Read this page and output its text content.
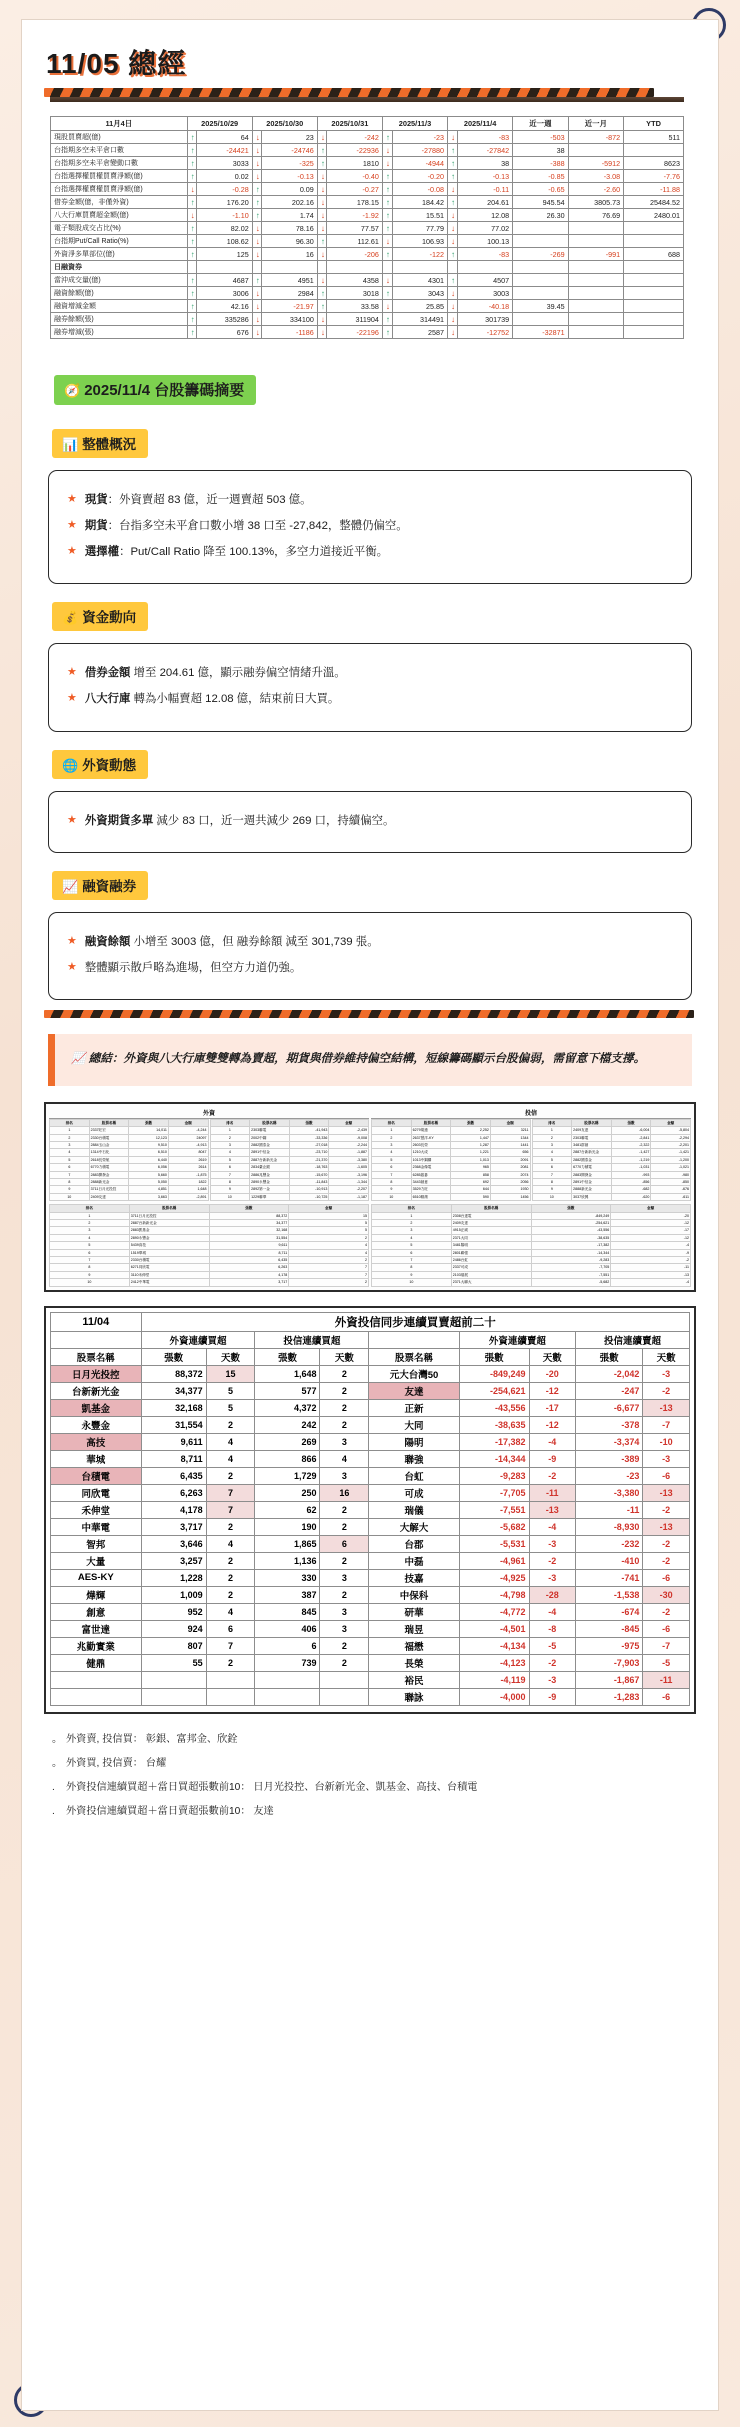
11/05 總經
11月4日	2025/10/29		2025/10/30		2025/10/31		2025/11/3		2025/11/4		近一週	近一月	YTD
現股買賣超(億)	↑	64	↓	23	↓	-242	↑	-23	↓	-83	-503	-872	511
台指期多空未平倉口數	↑	-24421	↓	-24746	↑	-22936	↓	-27880	↑	-27842	38		
台指期多空未平倉變動口數	↑	3033	↓	-325	↑	1810	↓	-4944	↑	38	-388	-5912	8623
台指選擇權買權買賣淨額(億)	↑	0.02	↓	-0.13	↓	-0.40	↑	-0.20	↑	-0.13	-0.85	-3.08	-7.76
台指選擇權賣權買賣淨額(億)	↓	-0.28	↑	0.09	↓	-0.27	↑	-0.08	↓	-0.11	-0.65	-2.60	-11.88
借券金額(億，非僅外資)	↑	176.20	↑	202.16	↓	178.15	↑	184.42	↑	204.61	945.54	3805.73	25484.52
八大行庫買賣超金額(億)	↓	-1.10	↑	1.74	↓	-1.92	↑	15.51	↓	12.08	26.30	76.69	2480.01
電子類股成交占比(%)	↑	82.02	↓	78.16	↓	77.57	↑	77.79	↓	77.02			
台指期Put/Call Ratio(%)	↑	108.62	↓	96.30	↑	112.61	↓	106.93	↓	100.13			
外資淨多單部位(億)	↑	125	↓	16	↓	-206	↑	-122	↑	-83	-269	-991	688
日融資券													
當沖成交量(億)	↑	4687	↑	4951	↓	4358	↓	4301	↑	4507			
融資餘額(億)	↑	3006	↓	2984	↑	3018	↑	3043	↓	3003			
融資增減金額	↑	42.16	↓	-21.97	↑	33.58	↓	25.85	↓	-40.18	39.45		
融券餘額(張)	↑	335286	↓	334100	↓	311904	↑	314491	↓	301739			
融券增減(張)	↑	676	↓	-1186	↓	-22196	↑	2587	↓	-12752	-32871		
🧭 2025/11/4 台股籌碼摘要
📊 整體概況
★ 現貨：外資賣超 83 億，近一週賣超 503 億。
★ 期貨：台指多空未平倉口數小增 38 口至 -27,842，整體仍偏空。
★ 選擇權：Put/Call Ratio 降至 100.13%，多空力道接近平衡。
💰 資金動向
★ 借券金額 增至 204.61 億，顯示融券偏空情緒升溫。
★ 八大行庫 轉為小幅賣超 12.08 億，結束前日大買。
🌐 外資動態
★ 外資期貨多單 減少 83 口，近一週共減少 269 口，持續偏空。
📈 融資融券
★ 融資餘額 小增至 3003 億，但 融券餘額 減至 301,739 張。
★ 整體顯示散戶略為進場，但空方力道仍強。
📈 總結：外資與八大行庫雙雙轉為賣超，期貨與借券維持偏空結構，短線籌碼顯示台股偏弱，需留意下檔支撐。
外資
排名	股票名稱	張數	金額
1	2337旺宏	14,011	-4,244
2	2330台積電	12,123	24097
3	2884玉山金	9,510	-4,913
4	1314中石化	6,510	8047
5	2618長榮航	6,440	2619
6	6770力積電	6,056	2614
7	2883開發金	5,660	-1,875
8	2888新光金	5,050	1822
9	3711日月光投控	4,851	1,648
10	2409友達	3,663	-2,891
排名	股票名稱	張數	金額
1	2303聯電	-41,943	-2,439
2	2002中鋼	-33,336	-9,008
3	2882國泰金	-27,018	-2,244
4	2891中信金	-23,710	-1,887
5	2887台新新光金	-21,370	-3,380
6	2834臺企銀	-18,763	-1,605
7	2886兆豐金	-15,670	-3,196
8	2890永豐金	-11,843	-1,344
9	2892第一金	-10,913	-2,207
10	1229聯華	-10,725	-1,187
投信
排名	股票名稱	張數	金額
1	6279胡連	2,252	3211
2	2637慧洋-KY	1,447	1344
3	2603長榮	1,287	1441
4	1210大成	1,221	656
5	1013中鋼構	1,013	2091
6	2368金像電	965	2081
7	6285啟碁	858	2074
8	3443創意	692	2056
9	3529力旺	644	1930
10	6510精測	590	1456
排名	股票名稱	張數	金額
1	2409友達	-6,004	-5,804
2	2303聯電	-2,841	-2,294
3	3481群創	-2,322	-2,201
4	2887台新新光金	-1,427	-1,421
5	2882國泰金	-1,219	-1,200
6	6770力積電	-1,031	-1,021
7	2883開發金	-993	-980
8	2891中信金	-856	-850
9	2888新光金	-682	-676
10	3037欣興	-620	-611
排名	股票名稱	張數	金額
1	3711日月光投控	88,372	15
2	2887台新新光金	34,377	5
3	2883凱基金	32,168	5
4	2890永豐金	31,554	2
5	5439高技	9,611	4
6	1519華城	8,711	4
7	2330台積電	6,435	2
8	6271同欣電	6,263	7
9	3110禾伸堂	4,178	7
10	2412中華電	3,717	2
排名	股票名稱	張數	金額
1	2308台達電	-849,249	-20
2	2409友達	-254,621	-12
3	4915正崴	-43,556	-17
4	2371大同	-38,635	-12
5	3481陽明	-17,382	-4
6	2801聯強	-14,344	-9
7	2486台虹	-9,283	-2
8	2337可成	-7,705	-11
9	2103瑞展	-7,551	-13
10	2371大聯大	-5,682	-4
11/04	外資投信同步連續買賣超前二十								
	外資連續買超		投信連續買超			外資連續賣超		投信連續賣超	
股票名稱	張數	天數	張數	天數	股票名稱	張數	天數	張數	天數
日月光投控	88,372	15	1,648	2	元大台灣50	-849,249	-20	-2,042	-3
台新新光金	34,377	5	577	2	友達	-254,621	-12	-247	-2
凱基金	32,168	5	4,372	2	正新	-43,556	-17	-6,677	-13
永豐金	31,554	2	242	2	大同	-38,635	-12	-378	-7
高技	9,611	4	269	3	陽明	-17,382	-4	-3,374	-10
華城	8,711	4	866	4	聯強	-14,344	-9	-389	-3
台積電	6,435	2	1,729	3	台虹	-9,283	-2	-23	-6
同欣電	6,263	7	250	16	可成	-7,705	-11	-3,380	-13
禾伸堂	4,178	7	62	2	瑞儀	-7,551	-13	-11	-2
中華電	3,717	2	190	2	大解大	-5,682	-4	-8,930	-13
智邦	3,646	4	1,865	6	台郡	-5,531	-3	-232	-2
大量	3,257	2	1,136	2	中磊	-4,961	-2	-410	-2
AES-KY	1,228	2	330	3	技嘉	-4,925	-3	-741	-6
燁輝	1,009	2	387	2	中保科	-4,798	-28	-1,538	-30
創意	952	4	845	3	研華	-4,772	-4	-674	-2
富世達	924	6	406	3	瑞昱	-4,501	-8	-845	-6
兆勤實業	807	7	6	2	福懋	-4,134	-5	-975	-7
健鼎	55	2	739	2	長榮	-4,123	-2	-7,903	-5
					裕民	-4,119	-3	-1,867	-11
					聯詠	-4,000	-9	-1,283	-6
。 外資賣, 投信買： 彰銀、富邦金、欣銓
。 外資買, 投信賣： 台耀
.	外資投信連續買超＋當日買超張數前10： 日月光投控、台新新光金、凱基金、高技、台積電
.	外資投信連續買超＋當日賣超張數前10： 友達
